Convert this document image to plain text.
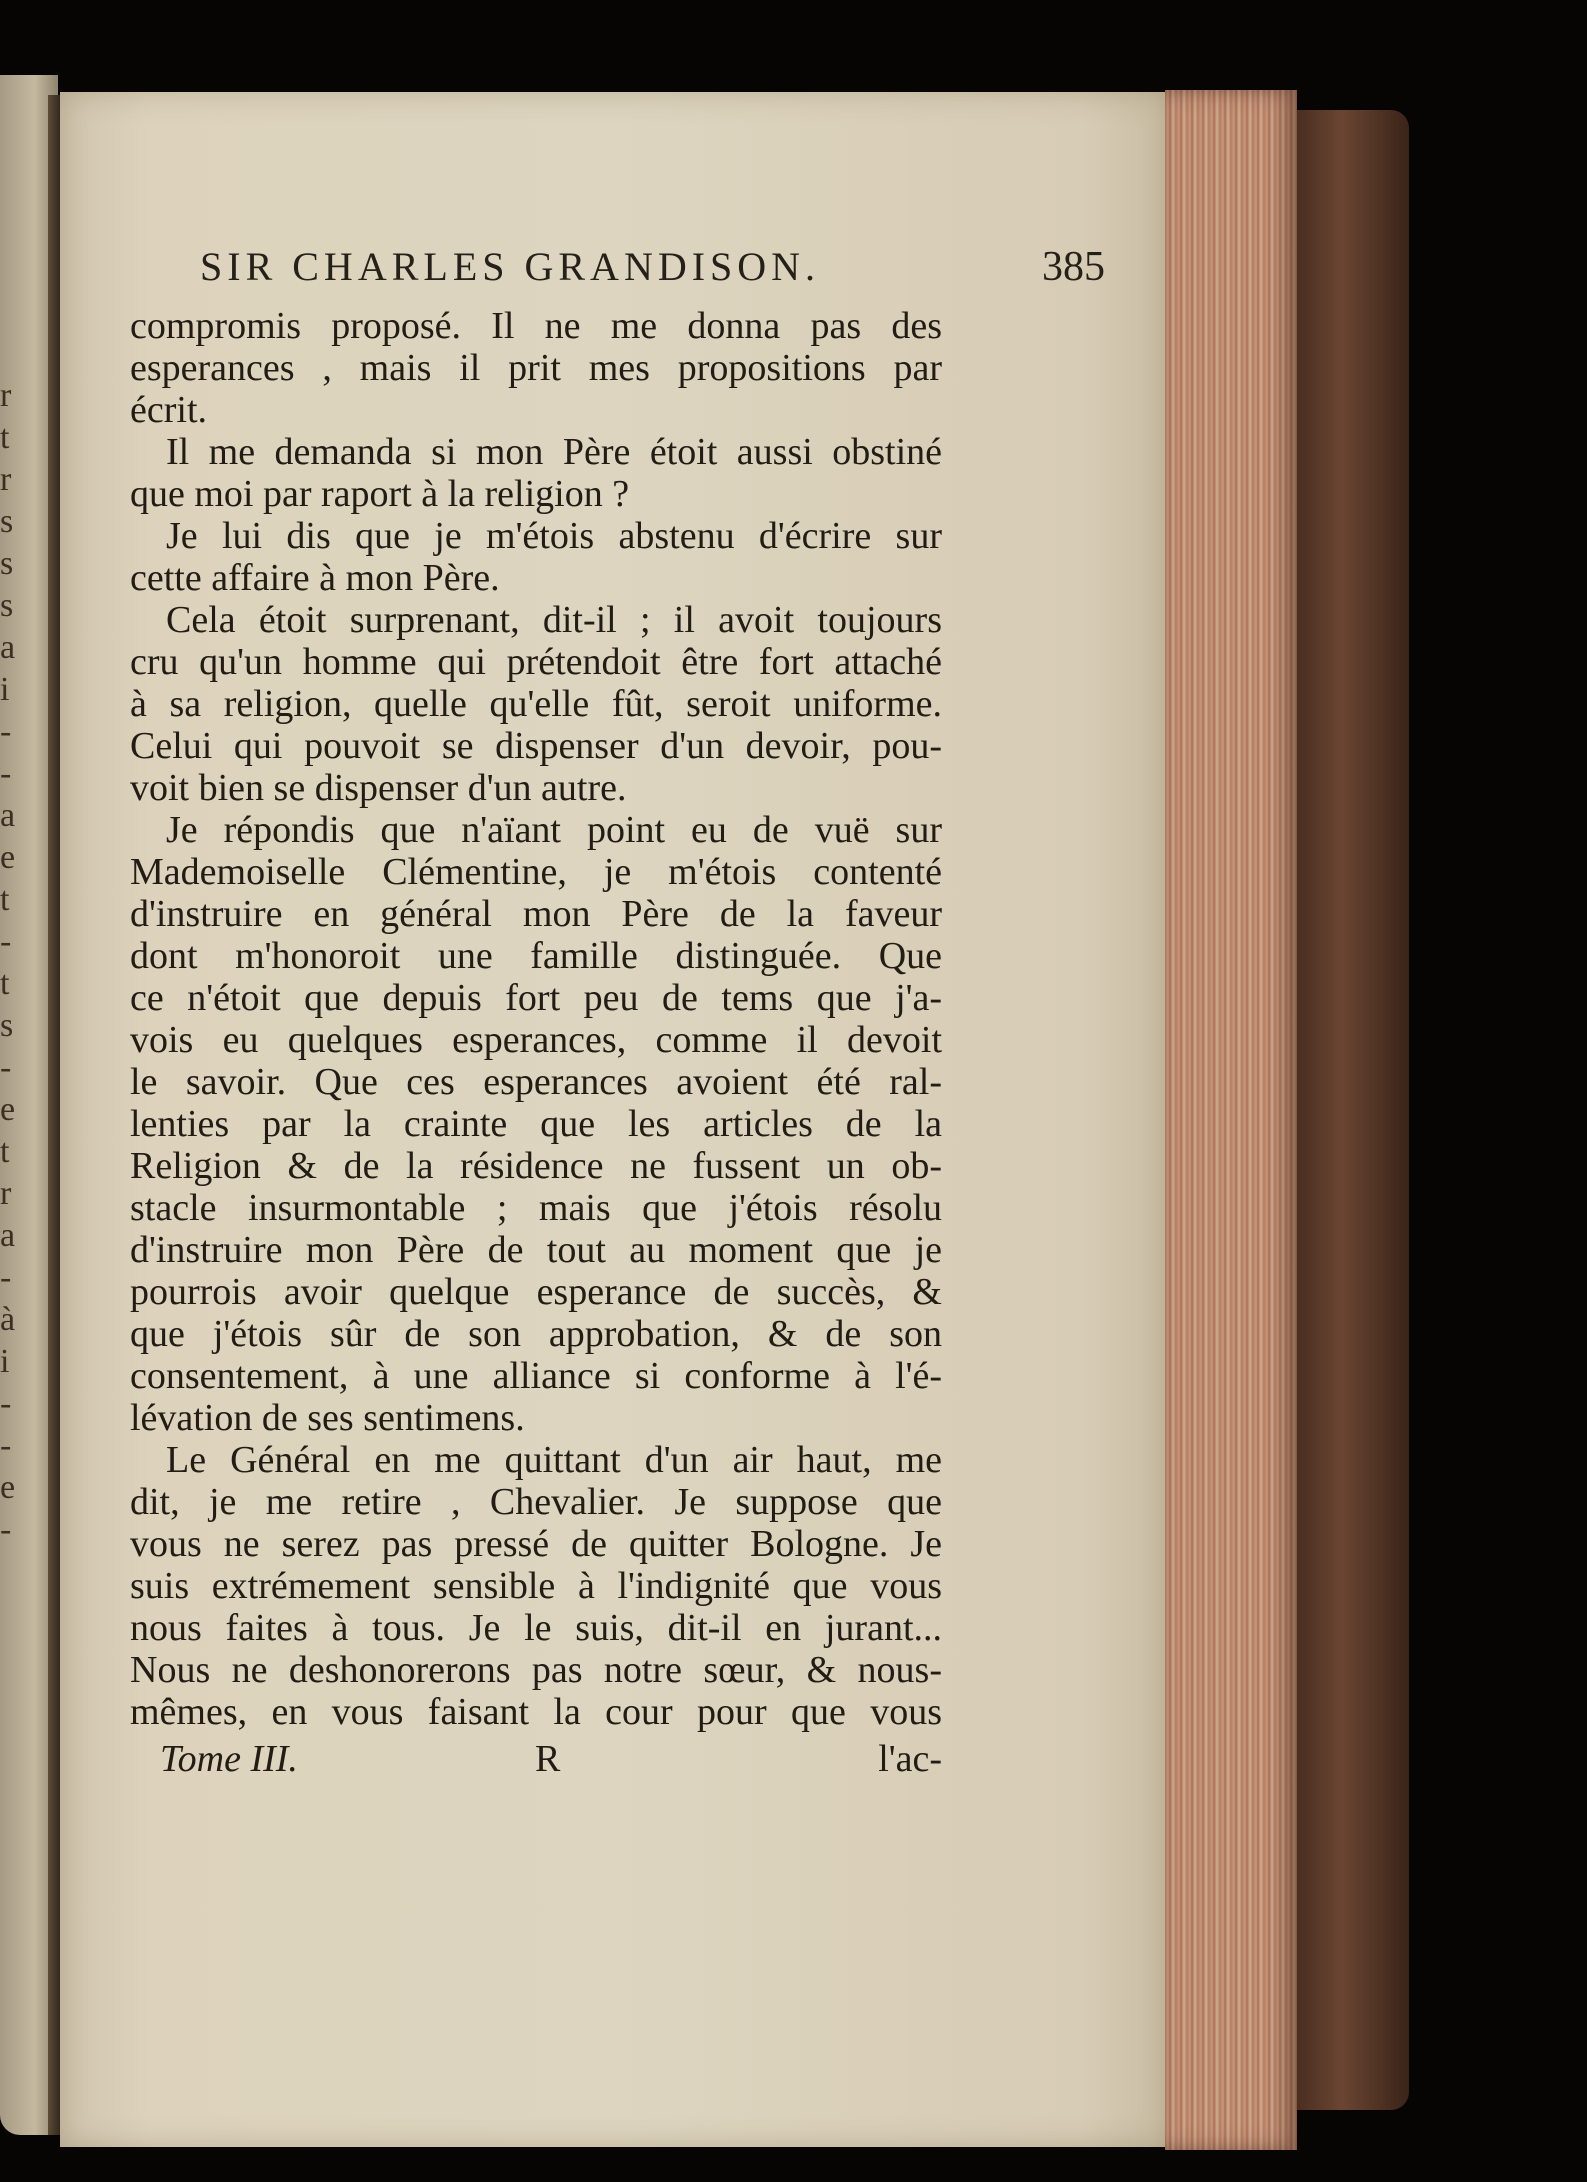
r
t
r
s
s
s
a
i
-
-
a
e
t
-
t
s
-
e
t
r
a
-
à
i
-
-
e
-
SIR CHARLES GRANDISON.	385
compromis proposé. Il ne me donna pas des
esperances , mais il prit mes propositions par
écrit.
Il me demanda si mon Père étoit aussi obstiné
que moi par raport à la religion ?
Je lui dis que je m'étois abstenu d'écrire sur
cette affaire à mon Père.
Cela étoit surprenant, dit-il ; il avoit toujours
cru qu'un homme qui prétendoit être fort attaché
à sa religion, quelle qu'elle fût, seroit uniforme.
Celui qui pouvoit se dispenser d'un devoir, pou-
voit bien se dispenser d'un autre.
Je répondis que n'aïant point eu de vuë sur
Mademoiselle Clémentine, je m'étois contenté
d'instruire en général mon Père de la faveur
dont m'honoroit une famille distinguée. Que
ce n'étoit que depuis fort peu de tems que j'a-
vois eu quelques esperances, comme il devoit
le savoir. Que ces esperances avoient été ral-
lenties par la crainte que les articles de la
Religion & de la résidence ne fussent un ob-
stacle insurmontable ; mais que j'étois résolu
d'instruire mon Père de tout au moment que je
pourrois avoir quelque esperance de succès, &
que j'étois sûr de son approbation, & de son
consentement, à une alliance si conforme à l'é-
lévation de ses sentimens.
Le Général en me quittant d'un air haut, me
dit, je me retire , Chevalier. Je suppose que
vous ne serez pas pressé de quitter Bologne. Je
suis extrémement sensible à l'indignité que vous
nous faites à tous. Je le suis, dit-il en jurant...
Nous ne deshonorerons pas notre sœur, & nous-
mêmes, en vous faisant la cour pour que vous
Tome III.	R	l'ac-
